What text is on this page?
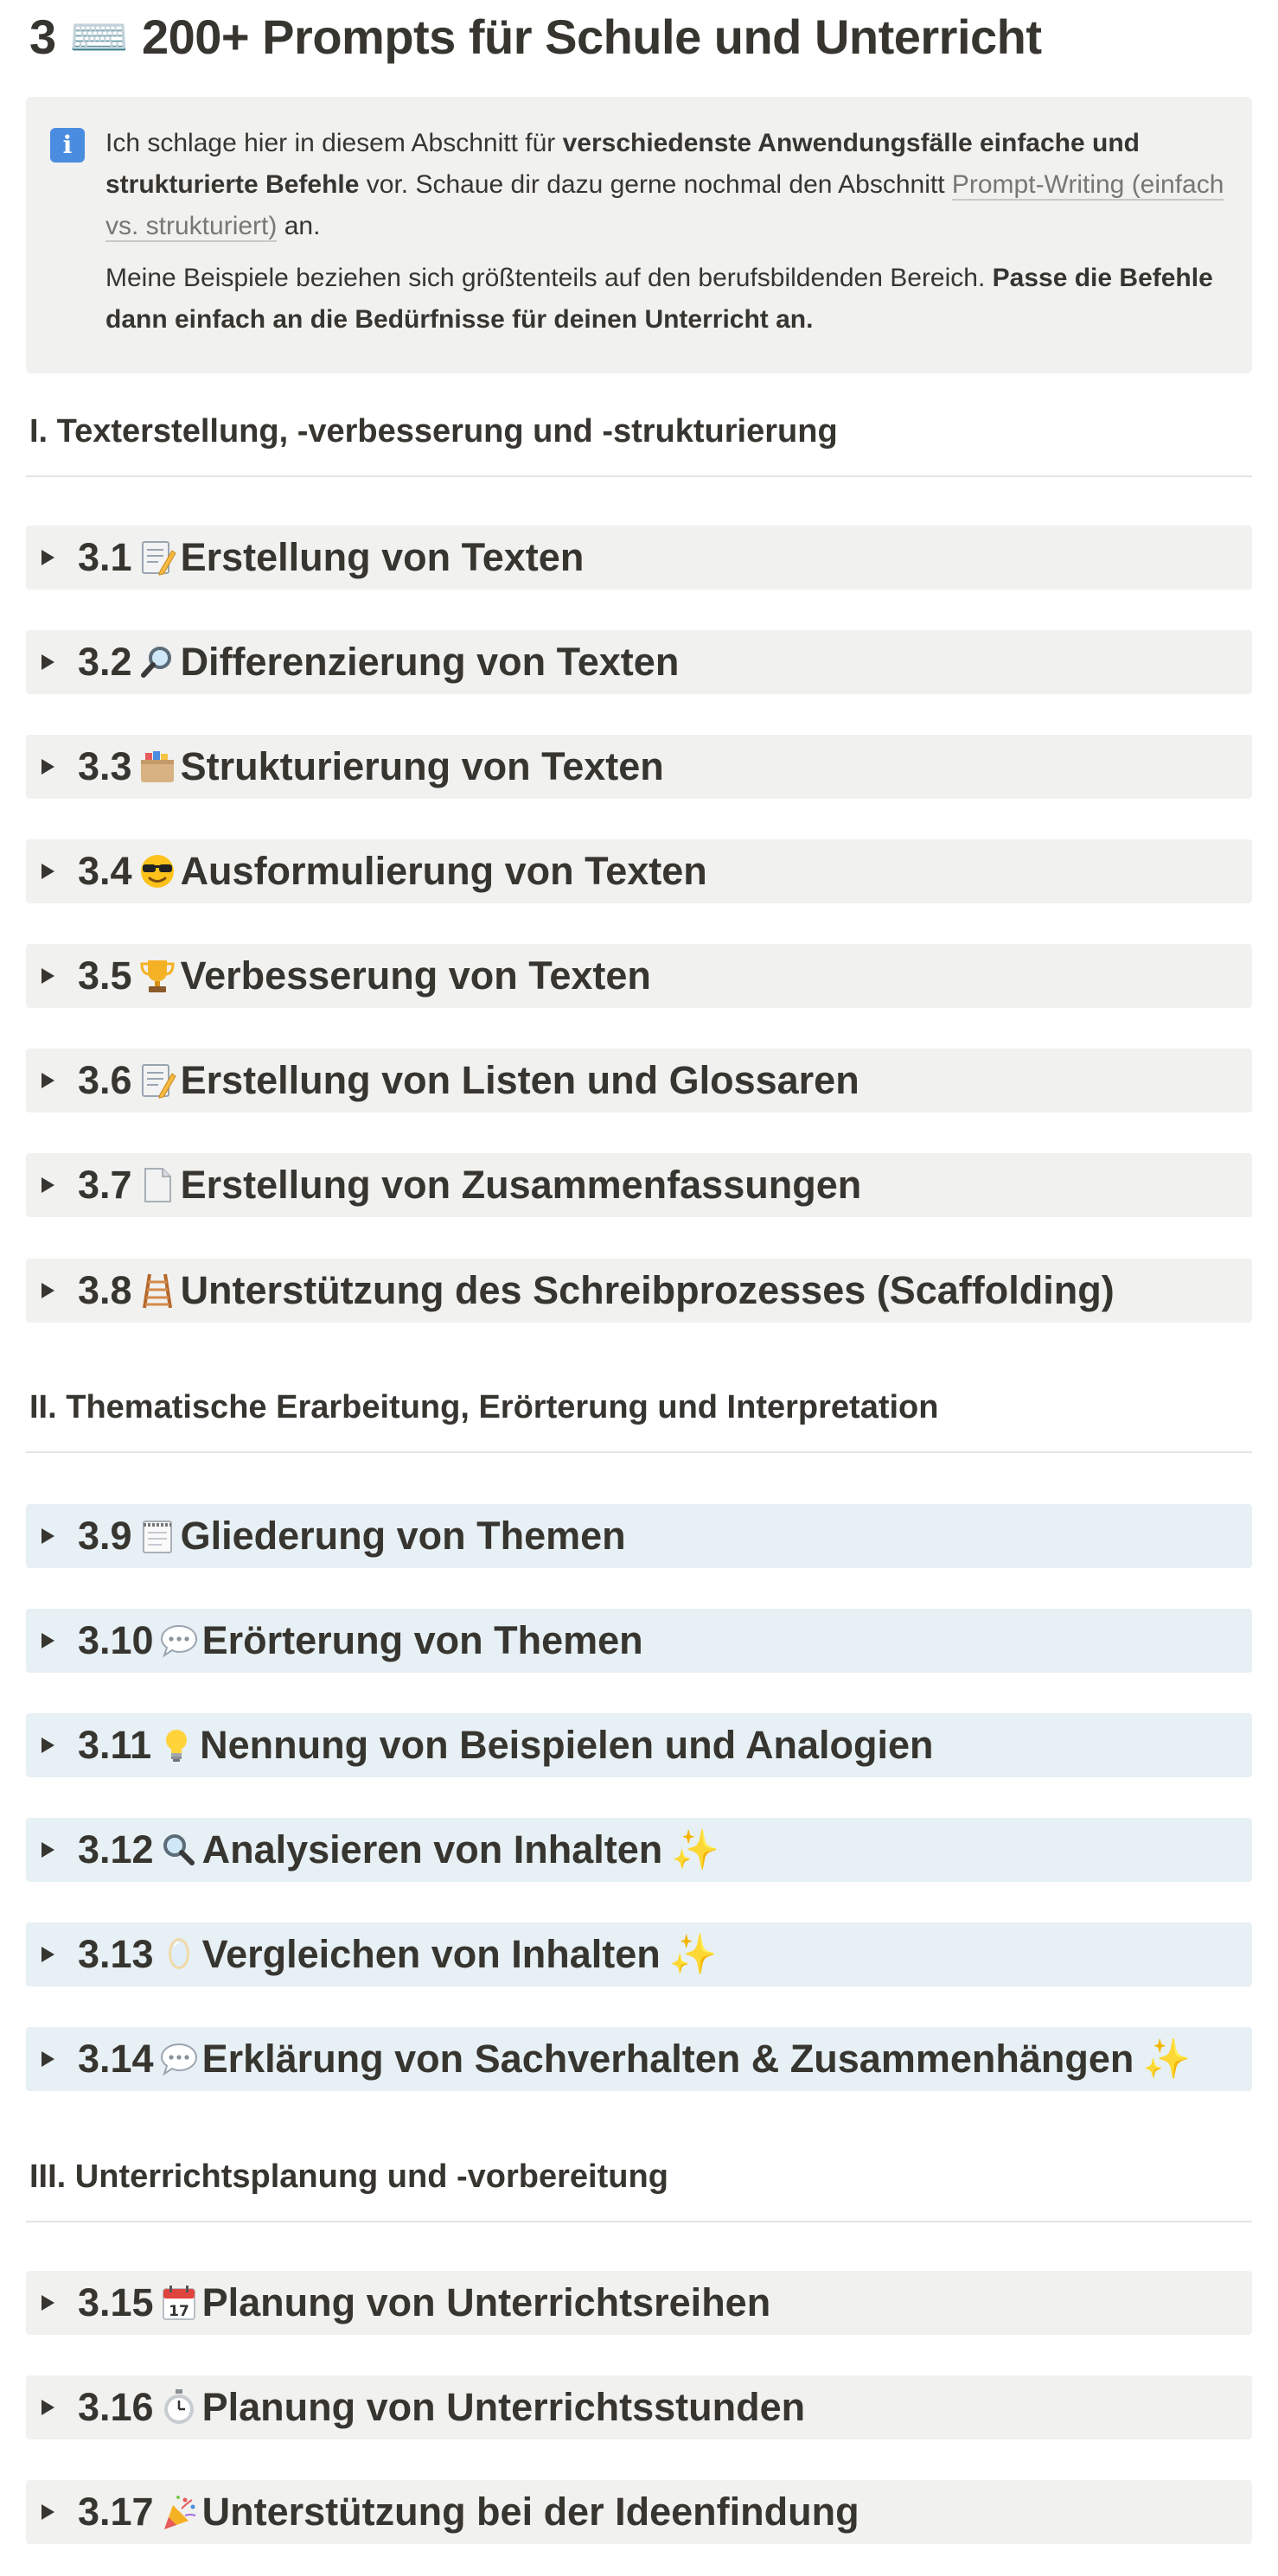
3 ⌨️ 200+ Prompts für Schule und Unterricht
i	Ich schlage hier in diesem Abschnitt für verschiedenste Anwendungsfälle einfache und strukturierte Befehle vor. Schaue dir dazu gerne nochmal den Abschnitt Prompt-Writing (einfach vs. strukturiert) an.

Meine Beispiele beziehen sich größtenteils auf den berufsbildenden Bereich. Passe die Befehle dann einfach an die Bedürfnisse für deinen Unterricht an.

I. Texterstellung, -verbesserung und -strukturierung
3.1 Erstellung von Texten
3.2 Differenzierung von Texten
3.3 Strukturierung von Texten
3.4 Ausformulierung von Texten
3.5 Verbesserung von Texten
3.6 Erstellung von Listen und Glossaren
3.7 Erstellung von Zusammenfassungen
3.8 Unterstützung des Schreibprozesses (Scaffolding)
II. Thematische Erarbeitung, Erörterung und Interpretation
3.9 Gliederung von Themen
3.10 Erörterung von Themen
3.11 Nennung von Beispielen und Analogien
3.12 Analysieren von Inhalten ✨
3.13 Vergleichen von Inhalten ✨
3.14 Erklärung von Sachverhalten & Zusammenhängen ✨
III. Unterrichtsplanung und -vorbereitung
3.15 17 Planung von Unterrichtsreihen
3.16 Planung von Unterrichtsstunden
3.17 Unterstützung bei der Ideenfindung
